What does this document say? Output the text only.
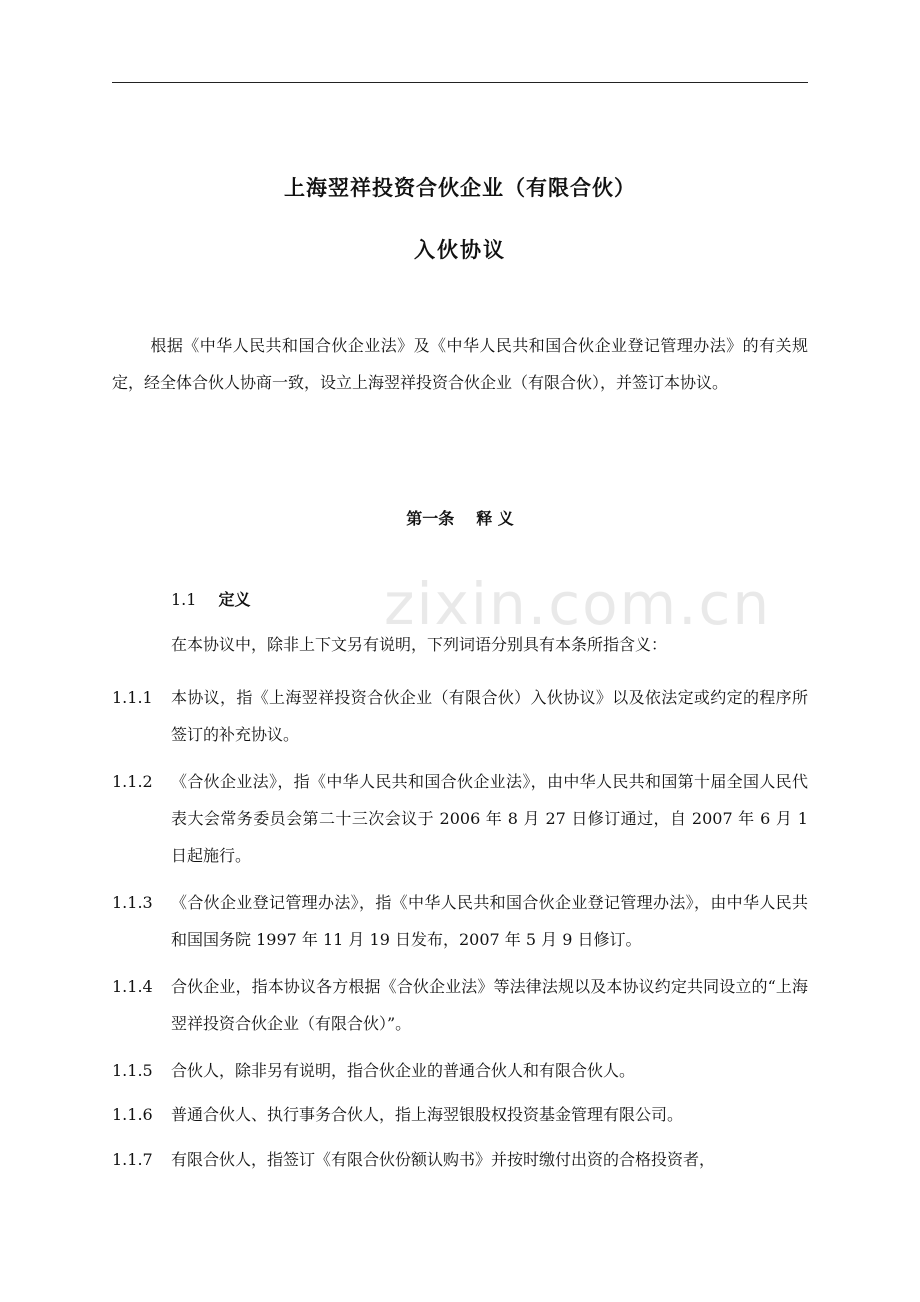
上海翌祥投资合伙企业（有限合伙）
入伙协议
根据《中华人民共和国合伙企业法》及《中华人民共和国合伙企业登记管理办法》的有关规定，经全体合伙人协商一致，设立上海翌祥投资合伙企业（有限合伙），并签订本协议。
第一条 释 义
1.1 定义
在本协议中，除非上下文另有说明，下列词语分别具有本条所指含义：
1.1.1	本协议，指《上海翌祥投资合伙企业（有限合伙）入伙协议》以及依法定或约定的程序所签订的补充协议。
1.1.2	《合伙企业法》，指《中华人民共和国合伙企业法》，由中华人民共和国第十届全国人民代表大会常务委员会第二十三次会议于 2006 年 8 月 27 日修订通过，自 2007 年 6 月 1 日起施行。
1.1.3	《合伙企业登记管理办法》，指《中华人民共和国合伙企业登记管理办法》，由中华人民共和国国务院 1997 年 11 月 19 日发布，2007 年 5 月 9 日修订。
1.1.4	合伙企业，指本协议各方根据《合伙企业法》等法律法规以及本协议约定共同设立的“上海翌祥投资合伙企业（有限合伙）”。
1.1.5	合伙人，除非另有说明，指合伙企业的普通合伙人和有限合伙人。
1.1.6	普通合伙人、执行事务合伙人，指上海翌银股权投资基金管理有限公司。
1.1.7	有限合伙人，指签订《有限合伙份额认购书》并按时缴付出资的合格投资者，
zixin.com.cn
